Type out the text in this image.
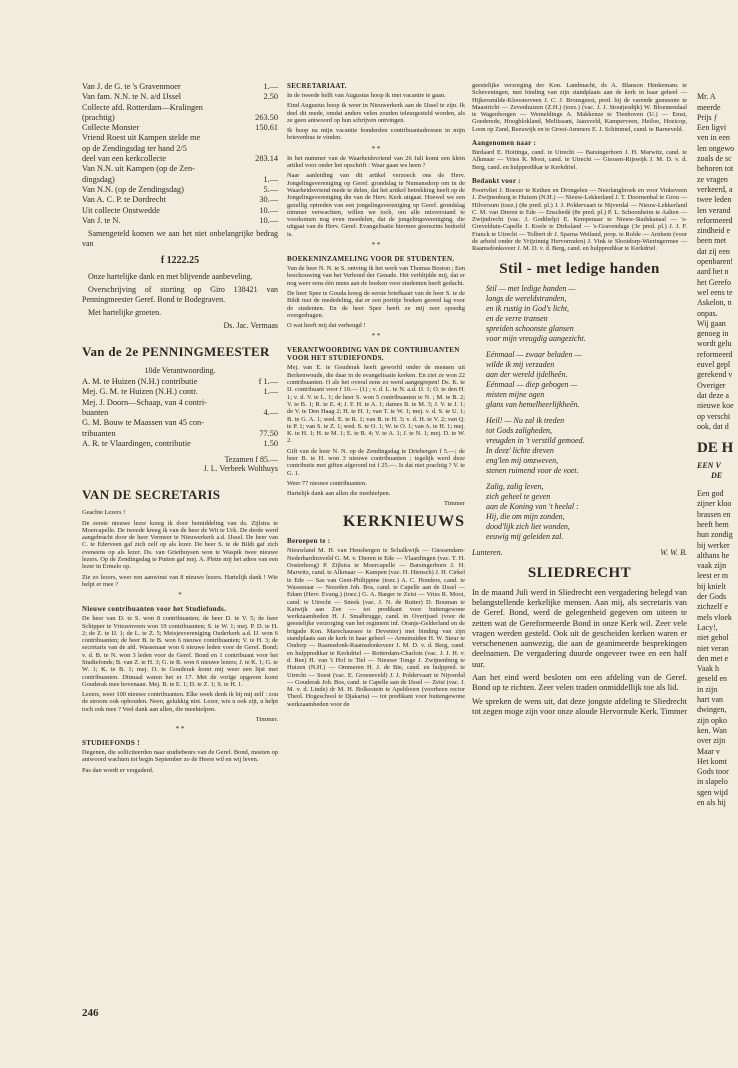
Van J. de G. te 's Gravenmoer	1.—
Van fam. N.N. te N. a/d IJssel	2.50
Collecte afd. Rotterdam—Kralingen
(prachtig)	263.50
Collecte Monster	150.61
Vriend Roest uit Kampen stelde me
op de Zendingsdag ter hand 2/5
deel van een kerkcollecte	283.14
Van N.N. uit Kampen (op de Zen-
dingsdag)	1.—
Van N.N. (op de Zendingsdag)	5.—
Van A. C. P. te Dordrecht	30.—
Uit collecte Onstwedde	10.—
Van J. te N.	10.—

Samengeteld komen we aan het niet onbelangrijke bedrag van

f 1222.25

Onze hartelijke dank en met blijvende aanbeveling.

Overschrijving of storting op Giro 138421 van Penningmeester Geref. Bond te Bodegraven.

Met hartelijke groeten.

Ds. Jac. Vermaas
Van de 2e PENNINGMEESTER
10de Verantwoording.
A. M. te Huizen (N.H.) contributie	f 1.—
Mej. G. M. te Huizen (N.H.) contr.	1.—
Mej. J. Doorn—Schaap, van 4 contri-
buanten	4.—
G. M. Bouw te Maassen van 45 con-
tribuanten	77.50
A. R. te Vlaardingen, contributie	1.50
Tezamen f 85.—
J. L. Verbeek Wolthuys
VAN DE SECRETARIS

Geachte Lezers !

De eerste nieuwe lezer kreeg ik door bemiddeling van ds. Zijlstra te Moercapelle. De tweede kreeg ik van de heer de Wit te Urk. De derde werd aangebracht door de heer Vermeer te Nieuwerkerk a.d. IJssel. De heer van C. te Ederveen gaf zich zelf op als lezer. De heer S. te de Bildt gaf zich eveneens op als lezer. Ds. van Griethuysen won te Waspik twee nieuwe lezers. Op de Zendingsdag te Putten gaf mej. A. Plette mij het adres van een lezer in Ermelo op.

Zie zo lezers, weer een aanwinst van 8 nieuwe lezers. Hartelijk dank ! Wie helpt er mee ?

*
Nieuwe contribuanten voor het Studiefonds.

De heer van D. te S. won 8 contribuanten; de heer D. te V. 5; de heer Schipper te Vriezenveen won 19 contribuanten; S. te W. 1; mej. P. D. te H. 2; de Z. te IJ. 1; de L. te Z. 5; Meisjesvereniging Ouderkerk a.d. IJ. won 6 contribuanten; de heer B. te B. won 6 nieuwe contribuanten; V. te H. 3; de secretaris van de afd. Wassenaar won 6 nieuwe leden voor de Geref. Bond; v. d. B. te N. won 3 leden voor de Geref. Bond en 1 contribuant voor het Studiefonds; B. van Z. te H. 3; G. te R. won 6 nieuwe lezers; J. te K. 1; G. te W. 1; K. te B. 1; mej. O. te Gouderak komt mij weer een lijst met contribuanten. Ditmaal waren het er 17. Met de vorige opgaven komt Gouderak mee bovenaan. Mej. B. te E. 1; D. te Z. 1; S. te H. 1.

Lezers, weer 100 nieuwe contribuanten. Elke week denk ik bij mij zelf : zou de stroom ook ophouden. Neen, gelukkig niet. Lezer, wie u ook zijt, u helpt toch ook mee ? Veel dank aan allen, die meehielpen.

Timmer.
* *
STUDIEFONDS !

Degenen, die solliciteerden naar studiebeurs van de Geref. Bond, moeten op antwoord wachten tot begin September zo de Heere wil en wij leven.

Pas dan wordt er vergaderd.

SECRETARIAAT.

In de tweede helft van Augustus hoop ik met vacantie te gaan.

Eind Augustus hoop ik weer in Nieuwerkerk aan de IJssel te zijn. Ik deel dit mede, omdat anders velen zouden teleurgesteld worden, als ze geen antwoord op hun schrijven ontvingen.

Ik hoop na mijn vacantie honderden contribuantadressen in mijn brievenbus te vinden.

* *

In het nummer van de Waarheidsvriend van 26 Juli komt een klein artikel voor onder het opschrift : Waar gaan we heen ?

Naar aanleiding van dit artikel verzoeck ons de Herv. Jongelingsvereniging op Geref. grondslag te Numansdorp om in de Waarheidsvriend mede te delen, dat het artikel betrekking heeft op de Jongelingsvereniging die van de Herv. Kerk uitgaat. Hoewel we een gezellig optreden van een jongelingsvereniging op Geref. grondslag nimmer verwachten, willen we toch, om alle misverstand te voorkomen nog even meedelen, dat de jongelingsvereniging, die uitgaat van de Herv. Geref. Evangelisatie hiermee geenszins bedoeld is.

* *
BOEKENINZAMELING VOOR DE STUDENTEN.

Van de heer N. N. te S. ontving ik het werk van Thomas Boston ; Een beschouwing van het Verbond der Genade. Het verblijdde mij, dat er nog weer eens één mens aan de boeken voor studenten heeft gedacht.

De heer Spee te Gouda kreeg de eerste briefkaart van de heer S. te de Bildt met de mededeling, dat er een portitje boeken gereed lag voor de studenten. En de heer Spee heeft ze mij zeer spoedig overgedragen.

O wat heeft mij dat verheugd !

* *
VERANTWOORDING VAN DE CONTRIBUANTEN VOOR HET STUDIEFONDS.

Mej. van E. te Gouderak heeft geworfd onder de mensen uit Berkenwoude, die daar in de evangelisatie kerken. En ziet ze won 22 contribuanten. O als het overal eens zo werd aangegrepen! Ds. K. te IJ. contribuant voor f 10.— (1) ; v. d. L. te N. a.d. IJ. 1; O. te den H. 1; v. d. V. te L. 1; de heer S. won 5 contribuanten te N. ; M. te B. 2; V. te B. 1; R. te E. 4; J. F. H. te A. 1; dames B. te M. 3; J. V. te J. 1; de V. te Den Haag 2; H. te H. 1; van T. te W. 1; mej. v. d. S. te U. 1; B. te G. A. 1; wed. E. te R. 1; van B. te H. 3; v. d. H. te V. 2; van Q. te P. 1; van S. te Z. 1; wed. S. te O. 1; W. te O. 1; van A. te H. 1; mej. K. te H. 1; H. te M. 1; E. te R. 4; V. te A. 1; J. te N. 1; mej. D. te W. 2.

Gift van de heer N. N. op de Zendingsdag te Driebergen f 5.—; de heer B. te H. won 3 nieuwe contribuanten ; tegelijk werd deze contributie met giften afgerond tot f 25.—. Is dat niet prachtig ? V. te G. 1.

Weer 77 nieuwe contribuanten.

Hartelijk dank aan allen die meehielpen.

Timmer
KERKNIEUWS
Beroepen te :

Nieuwland M. H. van Hensbergen te Schalkwijk — Giessendam-Nederhardinxveld G. M. v. Dieren te Ede — Vlaardingen (vac. T. H. Oosterhoog) P. Zijlstra te Moercapelle — Barsingerhorn J. H. Marwitz, cand. te Alkmaar — Kampen (vac. H. Hiensch) J. H. Cirkel te Ede — Sas van Gent-Philippine (toez.) A. C. Honders, cand. te Wassenaar — Noorden Joh. Bos, cand. te Capelle aan de IJssel — Edam (Herv. Evang.) (toez.) G. A. Barger te Zeist — Vries R. Mooi, cand. te Utrecht — Sneek (vac. J. N. de Ruiter) D. Bouman te Katwijk aan Zee — tot predikant voor buitengewone werkzaamheden H. J. Smalbrugge, cand. in Overijssel (voor de geestelijke verzorging van het regiment inf. Oranje-Gelderland en de brigade Kon. Marechaussee te Deventer) met binding van zijn standplaats aan de kerk in haar geheel — Arnemuiden H. W. Steur te Oudorp — Raamsdonk-Raamsdonksveer J. M. D. v. d. Berg, cand. en hulppredikar te Kerkdriel — Rotterdam-Charlois (vac. J. J. H. v. d. Ree) H. van 't Hof te Tiel — Nieuwe Tonge J. Zwijnenburg te Huizen (N.H.) — Ommeren H. J. de Bie, cand. en hulppred. te Utrecht — Soest (vac. E. Groeneveld) J. J. Poldervaart te Nijverdal — Gouderak Joh. Bos, cand. te Capelle aan de IJssel — Zeist (vac. J. M. v. d. Linde) dr M. H. Bolkestein te Apeldoorn (voorheen rector Theol. Hogeschool te Djakarta) — tot predikant voor buitengewone werkzaamheden voor de

geestelijke verzorging der Kon. Landmacht, ds A. Blanson Henkemans te Scheveningen, met binding van zijn standplaats aan de kerk in haar geheel — Hijkersmilde-Kloosterveen J. C. J. Bronsgeest, pred. bij de varende gemeente te Maastricht — Zevenhuizen (Z.H.) (toez.) (vac. J. J. Stoutjesdijk) W. Bloemendaal te Wagenborgen — Wemeldinge A. Makkenze te Tienhoven (U.) — Emst, Goederede, Hoogblokland, Meliissant, Jaarsveld, Kamperveen, Heiloo, Hoeicop, Loon op Zand, Reeuwijk en te Groot-Ammers E. J. Schimmel, cand. te Barneveld.

Aangenomen naar :

Birdaard E. Hoitinga, cand. te Utrecht — Barsingerhorn J. H. Marwitz, cand. te Alkmaar — Vries R. Mooi, cand. te Utrecht — Giessen-Rijswijk J. M. D. v. d. Berg, cand. en hulppredikar te Kerkdriel.

Bedankt voor :

Poortvliet J. Boezer te Kethen en Drongelen — Neerlangbroek en voor Vinkeveen J. Zwijnenburg te Huizen (N.H.) — Nieuw-Lekkerland J. T. Doornenbal te Grou — Hilversum (toez.) (8e pred. pl.) J. J. Poldervaart te Nijverdal — Nieuw-Lekkerland C. M. van Dieren te Ede — Enschedé (8e pred. pl.) P. L. Schoonheim te Aalten — Zwijndrecht (vac. J. Godthelp) E. Kempenaar te Nieuw-Stadskanaal — 's-Grevelduin-Capelle J. Koele te Dirksland — 's-Gravendage (3e pred. pl.) J. J. F. Franck te Utrecht — Tolbert dr J. Sparna Weiland, prop. te Rolde — Arnhem (voor de arbeid onder de Vrijzinnig Hervormden) J. Vink te Slootdorp-Wieringermee — Raamsdonksveer J. M. D. v. d. Berg, cand. en hulppredikar te Kerkdriel.

Stil - met ledige handen
Stil — met ledige handen —
langs de wereldstranden,
en ik rustig in God's licht,
en de verre transen
spreiden schoonste glansen
voor mijn vreugdig aangezicht.
Eénmaal — zwaar beladen —
wilde ik mij verzaden
aan der wereld ijdelheên.
Eénmaal — diep gebogen —
misten mijne ogen
glans van hemelheerlijkheên.
Heil! — Nu zal ik treden
tot Gods zaligheden,
vreugden in 't verstild gemoed.
In deez' lichte dreven
eng'len mij omzweven,
stenen ruimend voor de voet.
Zalig, zalig leven,
zich geheel te geven
aan de Koning van 't heelal :
Hij, die om mijn zonden,
dood'lijk zich liet wonden,
eeuwig mij geleiden zal.
Lunteren.	W. W. B.
SLIEDRECHT

In de maand Juli werd in Sliedrecht een vergadering belegd van belangstellende kerkelijke mensen. Aan mij, als secretaris van de Geref. Bond, werd de gelegenheid gegeven om uiteen te zetten wat de Gereformeerde Bond in onze Kerk wil. Zeer vele vragen werden gesteld. Ook uit de gescheiden kerken waren er verschenenen aanwezig, die aan de geanimeerde besprekingen deelnamen. De vergadering duurde ongeveer twee en een half uur.

Aan het eind werd besloten om een afdeling van de Geref. Bond op te richten. Zeer velen traden onmiddellijk toe als lid.

We spreken de wens uit, dat deze jongste afdeling te Sliedrecht tot zegen moge zijn voor onze aloude Hervormde Kerk. Timmer

Mr. A
meerde
Prijs ƒ
Een ligvi
ven in een
len ongewo
zoals de sc
behoren tot
ze vragen
verkeerd, a
twee leden
len verand
reformeerd
zindheid e
been met
dat zij een
openbaren!
aard het n
het Gerefo
wel eens te
Askelon, n
onpas.
Wij gaan
genoeg in
wordt gelu
reformeerd
euvel gepl
gerekend v
Overiger
dat deze a
nieuwe koe
op verschi
ook, dat d
DE H
EEN V
DE
Een god
zijner kloo
brassen en
heeft hem
hun zondig
bij werker
althans he
vaak zijn
leest er m
bij knielt
der Gods
zichzelf e
mels vloek
Lacy!,
niet gehol
niet veran
den met e
Vaak h
geseld en
in zijn
hart van
dwingen,
zijn opko
ken. Wan
over zijn
Maar v
Het komt
Gods toor
in slapelo
sgen wijd
en als hij
246
